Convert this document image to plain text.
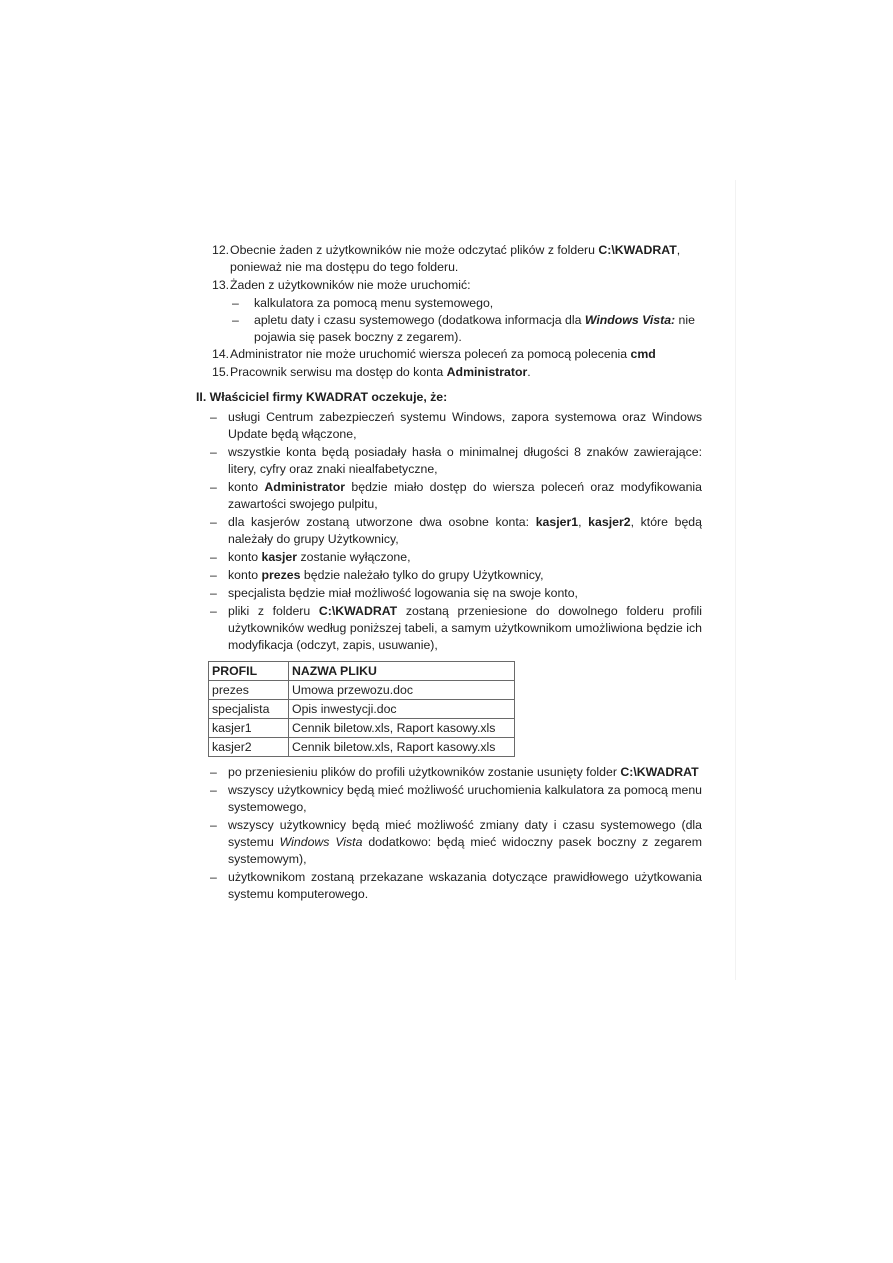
12. Obecnie żaden z użytkowników nie może odczytać plików z folderu C:\KWADRAT,
ponieważ nie ma dostępu do tego folderu.
13. Żaden z użytkowników nie może uruchomić:
– kalkulatora za pomocą menu systemowego,
– apletu daty i czasu systemowego (dodatkowa informacja dla Windows Vista: nie
pojawia się pasek boczny z zegarem).
14. Administrator nie może uruchomić wiersza poleceń za pomocą polecenia cmd
15. Pracownik serwisu ma dostęp do konta Administrator.
II. Właściciel firmy KWADRAT oczekuje, że:
– usługi Centrum zabezpieczeń systemu Windows, zapora systemowa oraz Windows Update będą włączone,
– wszystkie konta będą posiadały hasła o minimalnej długości 8 znaków zawierające: litery, cyfry oraz znaki niealfabetyczne,
– konto Administrator będzie miało dostęp do wiersza poleceń oraz modyfikowania zawartości swojego pulpitu,
– dla kasjerów zostaną utworzone dwa osobne konta: kasjer1, kasjer2, które będą należały do grupy Użytkownicy,
– konto kasjer zostanie wyłączone,
– konto prezes będzie należało tylko do grupy Użytkownicy,
– specjalista będzie miał możliwość logowania się na swoje konto,
– pliki z folderu C:\KWADRAT zostaną przeniesione do dowolnego folderu profili użytkowników według poniższej tabeli, a samym użytkownikom umożliwiona będzie ich modyfikacja (odczyt, zapis, usuwanie),
PROFIL	NAZWA PLIKU
prezes	Umowa przewozu.doc
specjalista	Opis inwestycji.doc
kasjer1	Cennik biletow.xls, Raport kasowy.xls
kasjer2	Cennik biletow.xls, Raport kasowy.xls
– po przeniesieniu plików do profili użytkowników zostanie usunięty folder C:\KWADRAT
– wszyscy użytkownicy będą mieć możliwość uruchomienia kalkulatora za pomocą menu systemowego,
– wszyscy użytkownicy będą mieć możliwość zmiany daty i czasu systemowego (dla systemu Windows Vista dodatkowo: będą mieć widoczny pasek boczny z zegarem systemowym),
– użytkownikom zostaną przekazane wskazania dotyczące prawidłowego użytkowania systemu komputerowego.
